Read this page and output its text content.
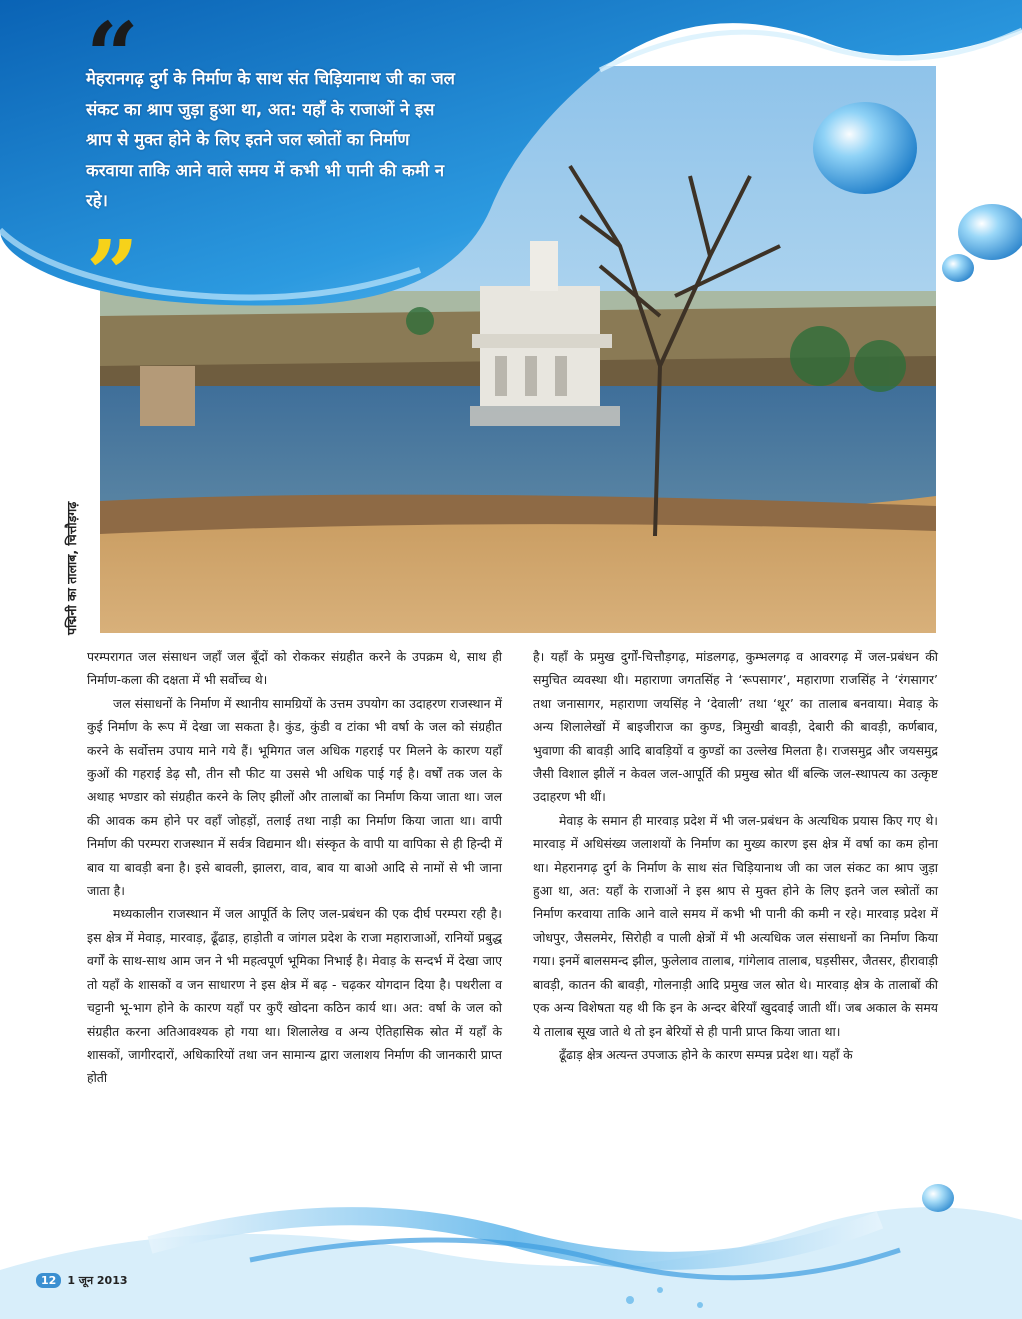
पद्मिनी का तालाब, चित्तौड़गढ़
“
मेहरानगढ़ दुर्ग के निर्माण के साथ संत चिड़ियानाथ जी का जल संकट का श्राप जुड़ा हुआ था, अत: यहाँ के राजाओं ने इस श्राप से मुक्त होने के लिए इतने जल स्त्रोतों का निर्माण करवाया ताकि आने वाले समय में कभी भी पानी की कमी न रहे।
”

परम्परागत जल संसाधन जहाँ जल बूँदों को रोककर संग्रहीत करने के उपक्रम थे, साथ ही निर्माण-कला की दक्षता में भी सर्वोच्च थे।

जल संसाधनों के निर्माण में स्थानीय सामग्रियों के उत्तम उपयोग का उदाहरण राजस्थान में कुई निर्माण के रूप में देखा जा सकता है। कुंड, कुंडी व टांका भी वर्षा के जल को संग्रहीत करने के सर्वोत्तम उपाय माने गये हैं। भूमिगत जल अधिक गहराई पर मिलने के कारण यहाँ कुओं की गहराई डेढ़ सौ, तीन सौ फीट या उससे भी अधिक पाई गई है। वर्षों तक जल के अथाह भण्डार को संग्रहीत करने के लिए झीलों और तालाबों का निर्माण किया जाता था। जल की आवक कम होने पर वहाँ जोहड़ों, तलाई तथा नाड़ी का निर्माण किया जाता था। वापी निर्माण की परम्परा राजस्थान में सर्वत्र विद्यमान थी। संस्कृत के वापी या वापिका से ही हिन्दी में बाव या बावड़ी बना है। इसे बावली, झालरा, वाव, बाव या बाओ आदि से नामों से भी जाना जाता है।

मध्यकालीन राजस्थान में जल आपूर्ति के लिए जल-प्रबंधन की एक दीर्घ परम्परा रही है। इस क्षेत्र में मेवाड़, मारवाड़, ढूँढाड़, हाड़ोती व जांगल प्रदेश के राजा महाराजाओं, रानियों प्रबुद्ध वर्गों के साथ-साथ आम जन ने भी महत्वपूर्ण भूमिका निभाई है। मेवाड़ के सन्दर्भ में देखा जाए तो यहाँ के शासकों व जन साधारण ने इस क्षेत्र में बढ़ - चढ़कर योगदान दिया है। पथरीला व चट्टानी भू-भाग होने के कारण यहाँ पर कुएँ खोदना कठिन कार्य था। अत: वर्षा के जल को संग्रहीत करना अतिआवश्यक हो गया था। शिलालेख व अन्य ऐतिहासिक स्रोत में यहाँ के शासकों, जागीरदारों, अधिकारियों तथा जन सामान्य द्वारा जलाशय निर्माण की जानकारी प्राप्त होती

है। यहाँ के प्रमुख दुर्गों-चित्तौड़गढ़, मांडलगढ़, कुम्भलगढ़ व आवरगढ़ में जल-प्रबंधन की समुचित व्यवस्था थी। महाराणा जगतसिंह ने ‘रूपसागर’, महाराणा राजसिंह ने ‘रंगसागर’ तथा जनासागर, महाराणा जयसिंह ने ‘देवाली’ तथा ‘थूर’ का तालाब बनवाया। मेवाड़ के अन्य शिलालेखों में बाइजीराज का कुण्ड, त्रिमुखी बावड़ी, देबारी की बावड़ी, कर्णबाव, भुवाणा की बावड़ी आदि बावड़ियों व कुण्डों का उल्लेख मिलता है। राजसमुद्र और जयसमुद्र जैसी विशाल झीलें न केवल जल-आपूर्ति की प्रमुख स्रोत थीं बल्कि जल-स्थापत्य का उत्कृष्ट उदाहरण भी थीं।

मेवाड़ के समान ही मारवाड़ प्रदेश में भी जल-प्रबंधन के अत्यधिक प्रयास किए गए थे। मारवाड़ में अधिसंख्य जलाशयों के निर्माण का मुख्य कारण इस क्षेत्र में वर्षा का कम होना था। मेहरानगढ़ दुर्ग के निर्माण के साथ संत चिड़ियानाथ जी का जल संकट का श्राप जुड़ा हुआ था, अत: यहाँ के राजाओं ने इस श्राप से मुक्त होने के लिए इतने जल स्त्रोतों का निर्माण करवाया ताकि आने वाले समय में कभी भी पानी की कमी न रहे। मारवाड़ प्रदेश में जोधपुर, जैसलमेर, सिरोही व पाली क्षेत्रों में भी अत्यधिक जल संसाधनों का निर्माण किया गया। इनमें बालसमन्द झील, फुलेलाव तालाब, गांगेलाव तालाब, घड़सीसर, जैतसर, हीरावाड़ी बावड़ी, कातन की बावड़ी, गोलनाड़ी आदि प्रमुख जल स्रोत थे। मारवाड़ क्षेत्र के तालाबों की एक अन्य विशेषता यह थी कि इन के अन्दर बेरियाँ खुदवाई जाती थीं। जब अकाल के समय ये तालाब सूख जाते थे तो इन बेरियों से ही पानी प्राप्त किया जाता था।

ढूँढाड़ क्षेत्र अत्यन्त उपजाऊ होने के कारण सम्पन्न प्रदेश था। यहाँ के

12 1 जून 2013
